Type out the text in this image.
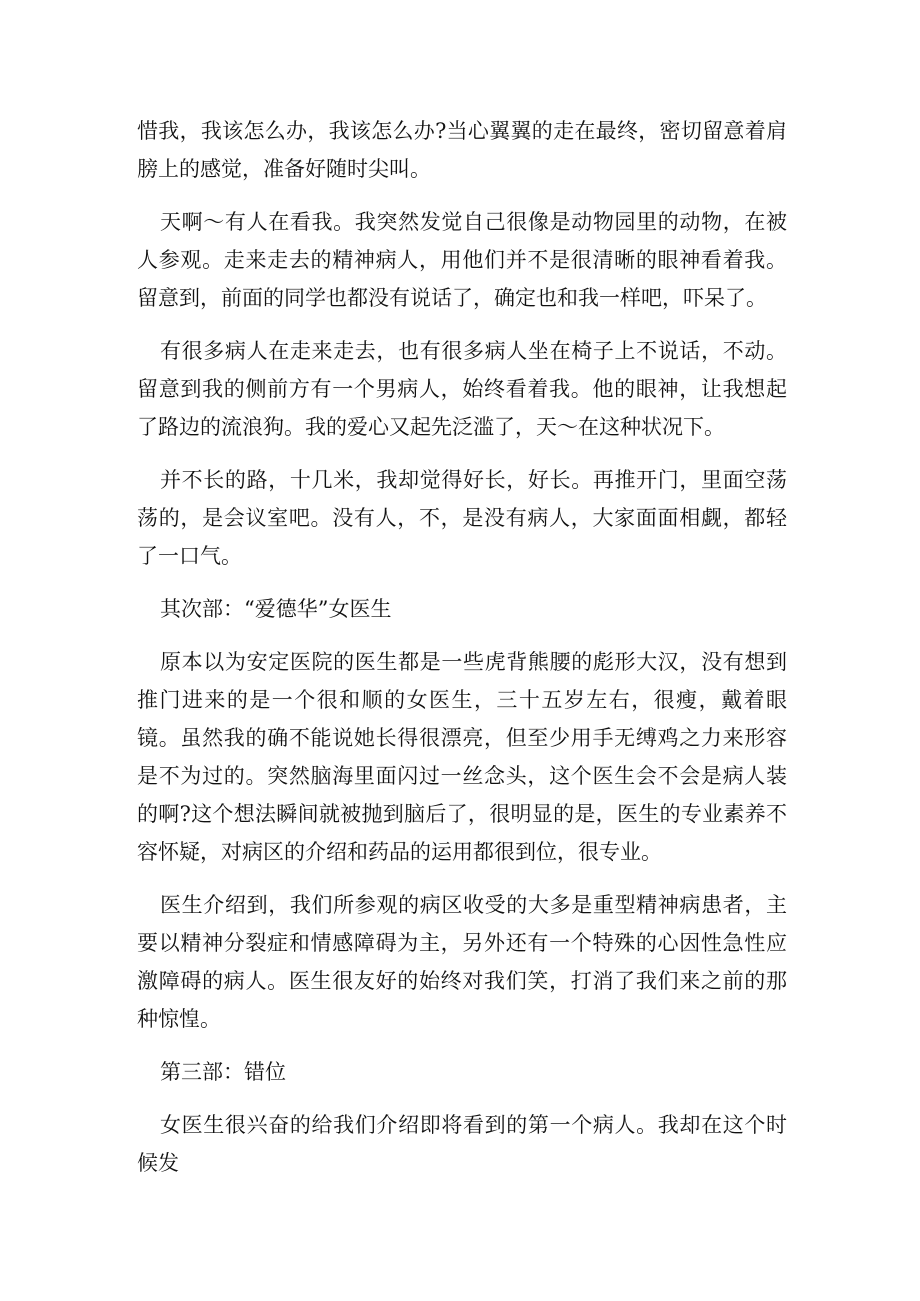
惜我，我该怎么办，我该怎么办?当心翼翼的走在最终，密切留意着肩膀上的感觉，准备好随时尖叫。

天啊～有人在看我。我突然发觉自己很像是动物园里的动物，在被人参观。走来走去的精神病人，用他们并不是很清晰的眼神看着我。留意到，前面的同学也都没有说话了，确定也和我一样吧，吓呆了。

有很多病人在走来走去，也有很多病人坐在椅子上不说话，不动。留意到我的侧前方有一个男病人，始终看着我。他的眼神，让我想起了路边的流浪狗。我的爱心又起先泛滥了，天～在这种状况下。

并不长的路，十几米，我却觉得好长，好长。再推开门，里面空荡荡的，是会议室吧。没有人，不，是没有病人，大家面面相觑，都轻了一口气。

其次部：“爱德华”女医生

原本以为安定医院的医生都是一些虎背熊腰的彪形大汉，没有想到推门进来的是一个很和顺的女医生，三十五岁左右，很瘦，戴着眼镜。虽然我的确不能说她长得很漂亮，但至少用手无缚鸡之力来形容是不为过的。突然脑海里面闪过一丝念头，这个医生会不会是病人装的啊?这个想法瞬间就被抛到脑后了，很明显的是，医生的专业素养不容怀疑，对病区的介绍和药品的运用都很到位，很专业。

医生介绍到，我们所参观的病区收受的大多是重型精神病患者，主要以精神分裂症和情感障碍为主，另外还有一个特殊的心因性急性应激障碍的病人。医生很友好的始终对我们笑，打消了我们来之前的那种惊惶。

第三部：错位

女医生很兴奋的给我们介绍即将看到的第一个病人。我却在这个时候发
